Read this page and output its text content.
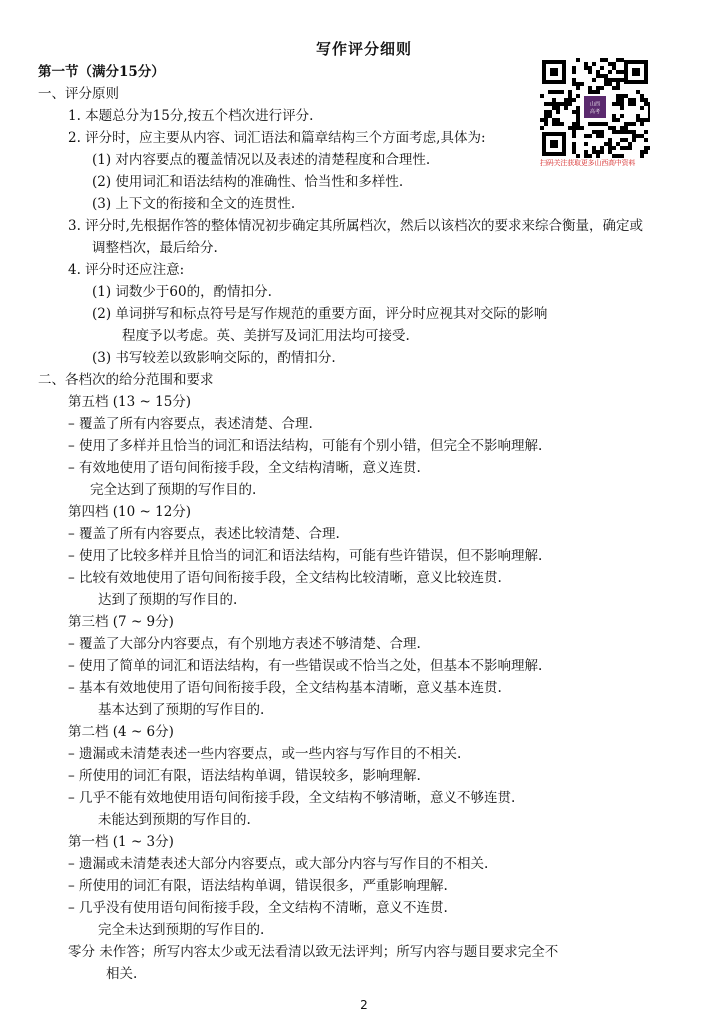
写作评分细则
第一节（满分15分）
一、评分原则
1. 本题总分为15分,按五个档次进行评分.
2. 评分时，应主要从内容、词汇语法和篇章结构三个方面考虑,具体为:
(1) 对内容要点的覆盖情况以及表述的清楚程度和合理性.
(2) 使用词汇和语法结构的准确性、恰当性和多样性.
(3) 上下文的衔接和全文的连贯性.
3. 评分时,先根据作答的整体情况初步确定其所属档次，然后以该档次的要求来综合衡量，确定或
调整档次，最后给分.
4. 评分时还应注意:
(1) 词数少于60的，酌情扣分.
(2) 单词拼写和标点符号是写作规范的重要方面，评分时应视其对交际的影响
程度予以考虑。英、美拼写及词汇用法均可接受.
(3) 书写较差以致影响交际的，酌情扣分.
二、各档次的给分范围和要求
第五档 (13 ~ 15分)
– 覆盖了所有内容要点，表述清楚、合理.
– 使用了多样并且恰当的词汇和语法结构，可能有个别小错，但完全不影响理解.
– 有效地使用了语句间衔接手段，全文结构清晰，意义连贯.
完全达到了预期的写作目的.
第四档 (10 ~ 12分)
– 覆盖了所有内容要点，表述比较清楚、合理.
– 使用了比较多样并且恰当的词汇和语法结构，可能有些许错误，但不影响理解.
– 比较有效地使用了语句间衔接手段，全文结构比较清晰，意义比较连贯.
达到了预期的写作目的.
第三档 (7 ~ 9分)
– 覆盖了大部分内容要点，有个别地方表述不够清楚、合理.
– 使用了简单的词汇和语法结构，有一些错误或不恰当之处，但基本不影响理解.
– 基本有效地使用了语句间衔接手段，全文结构基本清晰，意义基本连贯.
基本达到了预期的写作目的.
第二档 (4 ~ 6分)
– 遗漏或未清楚表述一些内容要点，或一些内容与写作目的不相关.
– 所使用的词汇有限，语法结构单调，错误较多，影响理解.
– 几乎不能有效地使用语句间衔接手段，全文结构不够清晰，意义不够连贯.
未能达到预期的写作目的.
第一档 (1 ~ 3分)
– 遗漏或未清楚表述大部分内容要点，或大部分内容与写作目的不相关.
– 所使用的词汇有限，语法结构单调，错误很多，严重影响理解.
– 几乎没有使用语句间衔接手段，全文结构不清晰，意义不连贯.
完全未达到预期的写作目的.
零分 未作答；所写内容太少或无法看清以致无法评判；所写内容与题目要求完全不
相关.
山西
高考
扫码关注获取更多山西高中资料
2
